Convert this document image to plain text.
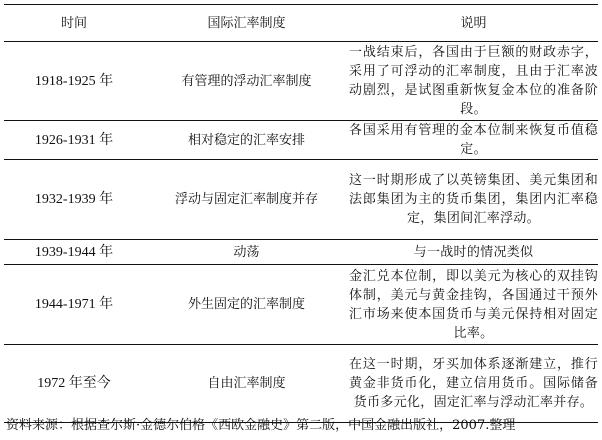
时间	国际汇率制度	说明
1918-1925 年	有管理的浮动汇率制度	一战结束后，各国由于巨额的财政赤字，采用了可浮动的汇率制度，且由于汇率波动剧烈，是试图重新恢复金本位的准备阶段。

1926-1931 年	相对稳定的汇率安排	各国采用有管理的金本位制来恢复币值稳定。

1932-1939 年	浮动与固定汇率制度并存	这一时期形成了以英镑集团、美元集团和法郎集团为主的货币集团，集团内汇率稳定，集团间汇率浮动。

1939-1944 年	动荡	与一战时的情况类似

1944-1971 年	外生固定的汇率制度	金汇兑本位制，即以美元为核心的双挂钩体制，美元与黄金挂钩，各国通过干预外汇市场来使本国货币与美元保持相对固定比率。

1972 年至今	自由汇率制度	在这一时期，牙买加体系逐渐建立，推行黄金非货币化，建立信用货币。国际储备货币多元化，固定汇率与浮动汇率并存。
资料来源：根据查尔斯·金德尔伯格《西欧金融史》第二版，中国金融出版社，2007.整理
